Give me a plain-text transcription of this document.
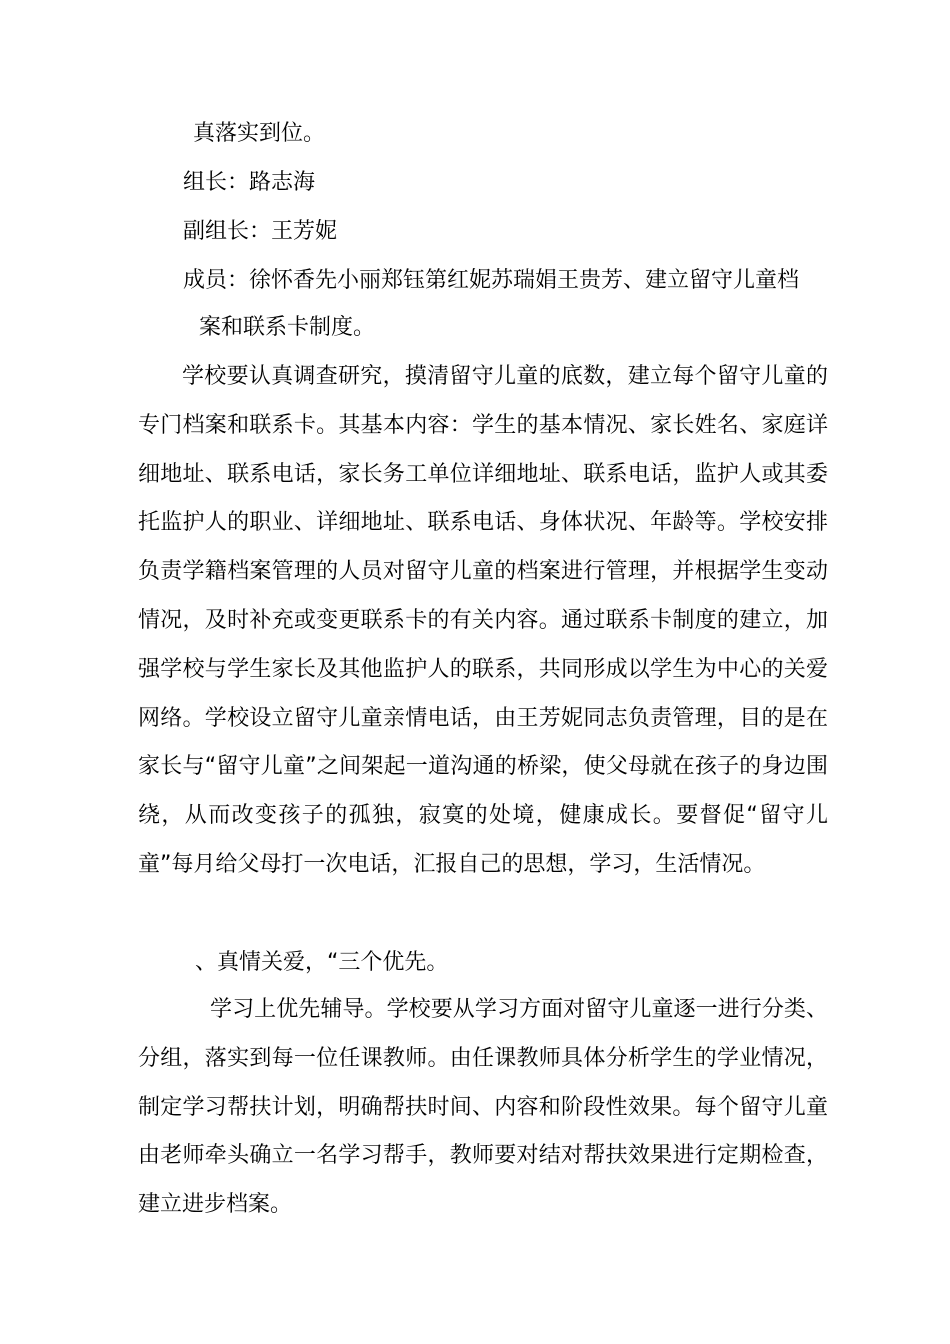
真落实到位。
组长：路志海
副组长：王芳妮
成员：徐怀香先小丽郑钰第红妮苏瑞娟王贵芳、建立留守儿童档
案和联系卡制度。

学校要认真调查研究，摸清留守儿童的底数，建立每个留守儿童的专门档案和联系卡。其基本内容：学生的基本情况、家长姓名、家庭详细地址、联系电话，家长务工单位详细地址、联系电话，监护人或其委托监护人的职业、详细地址、联系电话、身体状况、年龄等。学校安排负责学籍档案管理的人员对留守儿童的档案进行管理，并根据学生变动情况，及时补充或变更联系卡的有关内容。通过联系卡制度的建立，加强学校与学生家长及其他监护人的联系，共同形成以学生为中心的关爱网络。学校设立留守儿童亲情电话，由王芳妮同志负责管理，目的是在家长与“留守儿童”之间架起一道沟通的桥梁，使父母就在孩子的身边围绕，从而改变孩子的孤独，寂寞的处境，健康成长。要督促“留守儿童”每月给父母打一次电话，汇报自己的思想，学习，生活情况。

、真情关爱，“三个优先。

学习上优先辅导。学校要从学习方面对留守儿童逐一进行分类、分组，落实到每一位任课教师。由任课教师具体分析学生的学业情况，制定学习帮扶计划，明确帮扶时间、内容和阶段性效果。每个留守儿童由老师牵头确立一名学习帮手，教师要对结对帮扶效果进行定期检查，建立进步档案。
